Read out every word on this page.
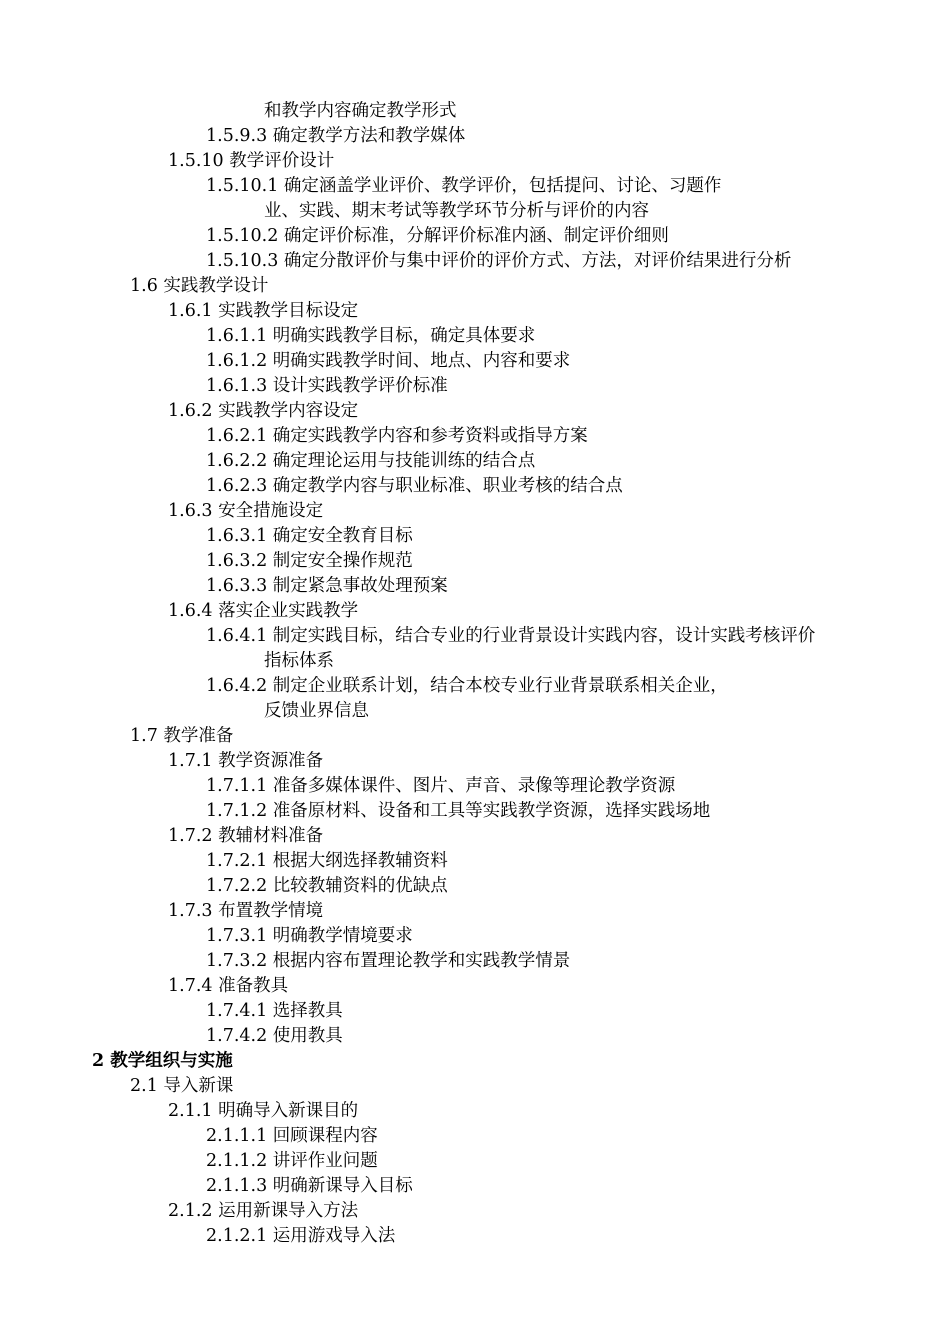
和教学内容确定教学形式
1.5.9.3 确定教学方法和教学媒体
1.5.10 教学评价设计
1.5.10.1 确定涵盖学业评价、教学评价，包括提问、讨论、习题作
业、实践、期末考试等教学环节分析与评价的内容
1.5.10.2 确定评价标准，分解评价标准内涵、制定评价细则
1.5.10.3 确定分散评价与集中评价的评价方式、方法，对评价结果进行分析
1.6 实践教学设计
1.6.1 实践教学目标设定
1.6.1.1 明确实践教学目标，确定具体要求
1.6.1.2 明确实践教学时间、地点、内容和要求
1.6.1.3 设计实践教学评价标准
1.6.2 实践教学内容设定
1.6.2.1 确定实践教学内容和参考资料或指导方案
1.6.2.2 确定理论运用与技能训练的结合点
1.6.2.3 确定教学内容与职业标准、职业考核的结合点
1.6.3 安全措施设定
1.6.3.1 确定安全教育目标
1.6.3.2 制定安全操作规范
1.6.3.3 制定紧急事故处理预案
1.6.4 落实企业实践教学
1.6.4.1 制定实践目标，结合专业的行业背景设计实践内容，设计实践考核评价
指标体系
1.6.4.2 制定企业联系计划，结合本校专业行业背景联系相关企业，
反馈业界信息
1.7 教学准备
1.7.1 教学资源准备
1.7.1.1 准备多媒体课件、图片、声音、录像等理论教学资源
1.7.1.2 准备原材料、设备和工具等实践教学资源，选择实践场地
1.7.2 教辅材料准备
1.7.2.1 根据大纲选择教辅资料
1.7.2.2 比较教辅资料的优缺点
1.7.3 布置教学情境
1.7.3.1 明确教学情境要求
1.7.3.2 根据内容布置理论教学和实践教学情景
1.7.4 准备教具
1.7.4.1 选择教具
1.7.4.2 使用教具
2 教学组织与实施
2.1 导入新课
2.1.1 明确导入新课目的
2.1.1.1 回顾课程内容
2.1.1.2 讲评作业问题
2.1.1.3 明确新课导入目标
2.1.2 运用新课导入方法
2.1.2.1 运用游戏导入法
